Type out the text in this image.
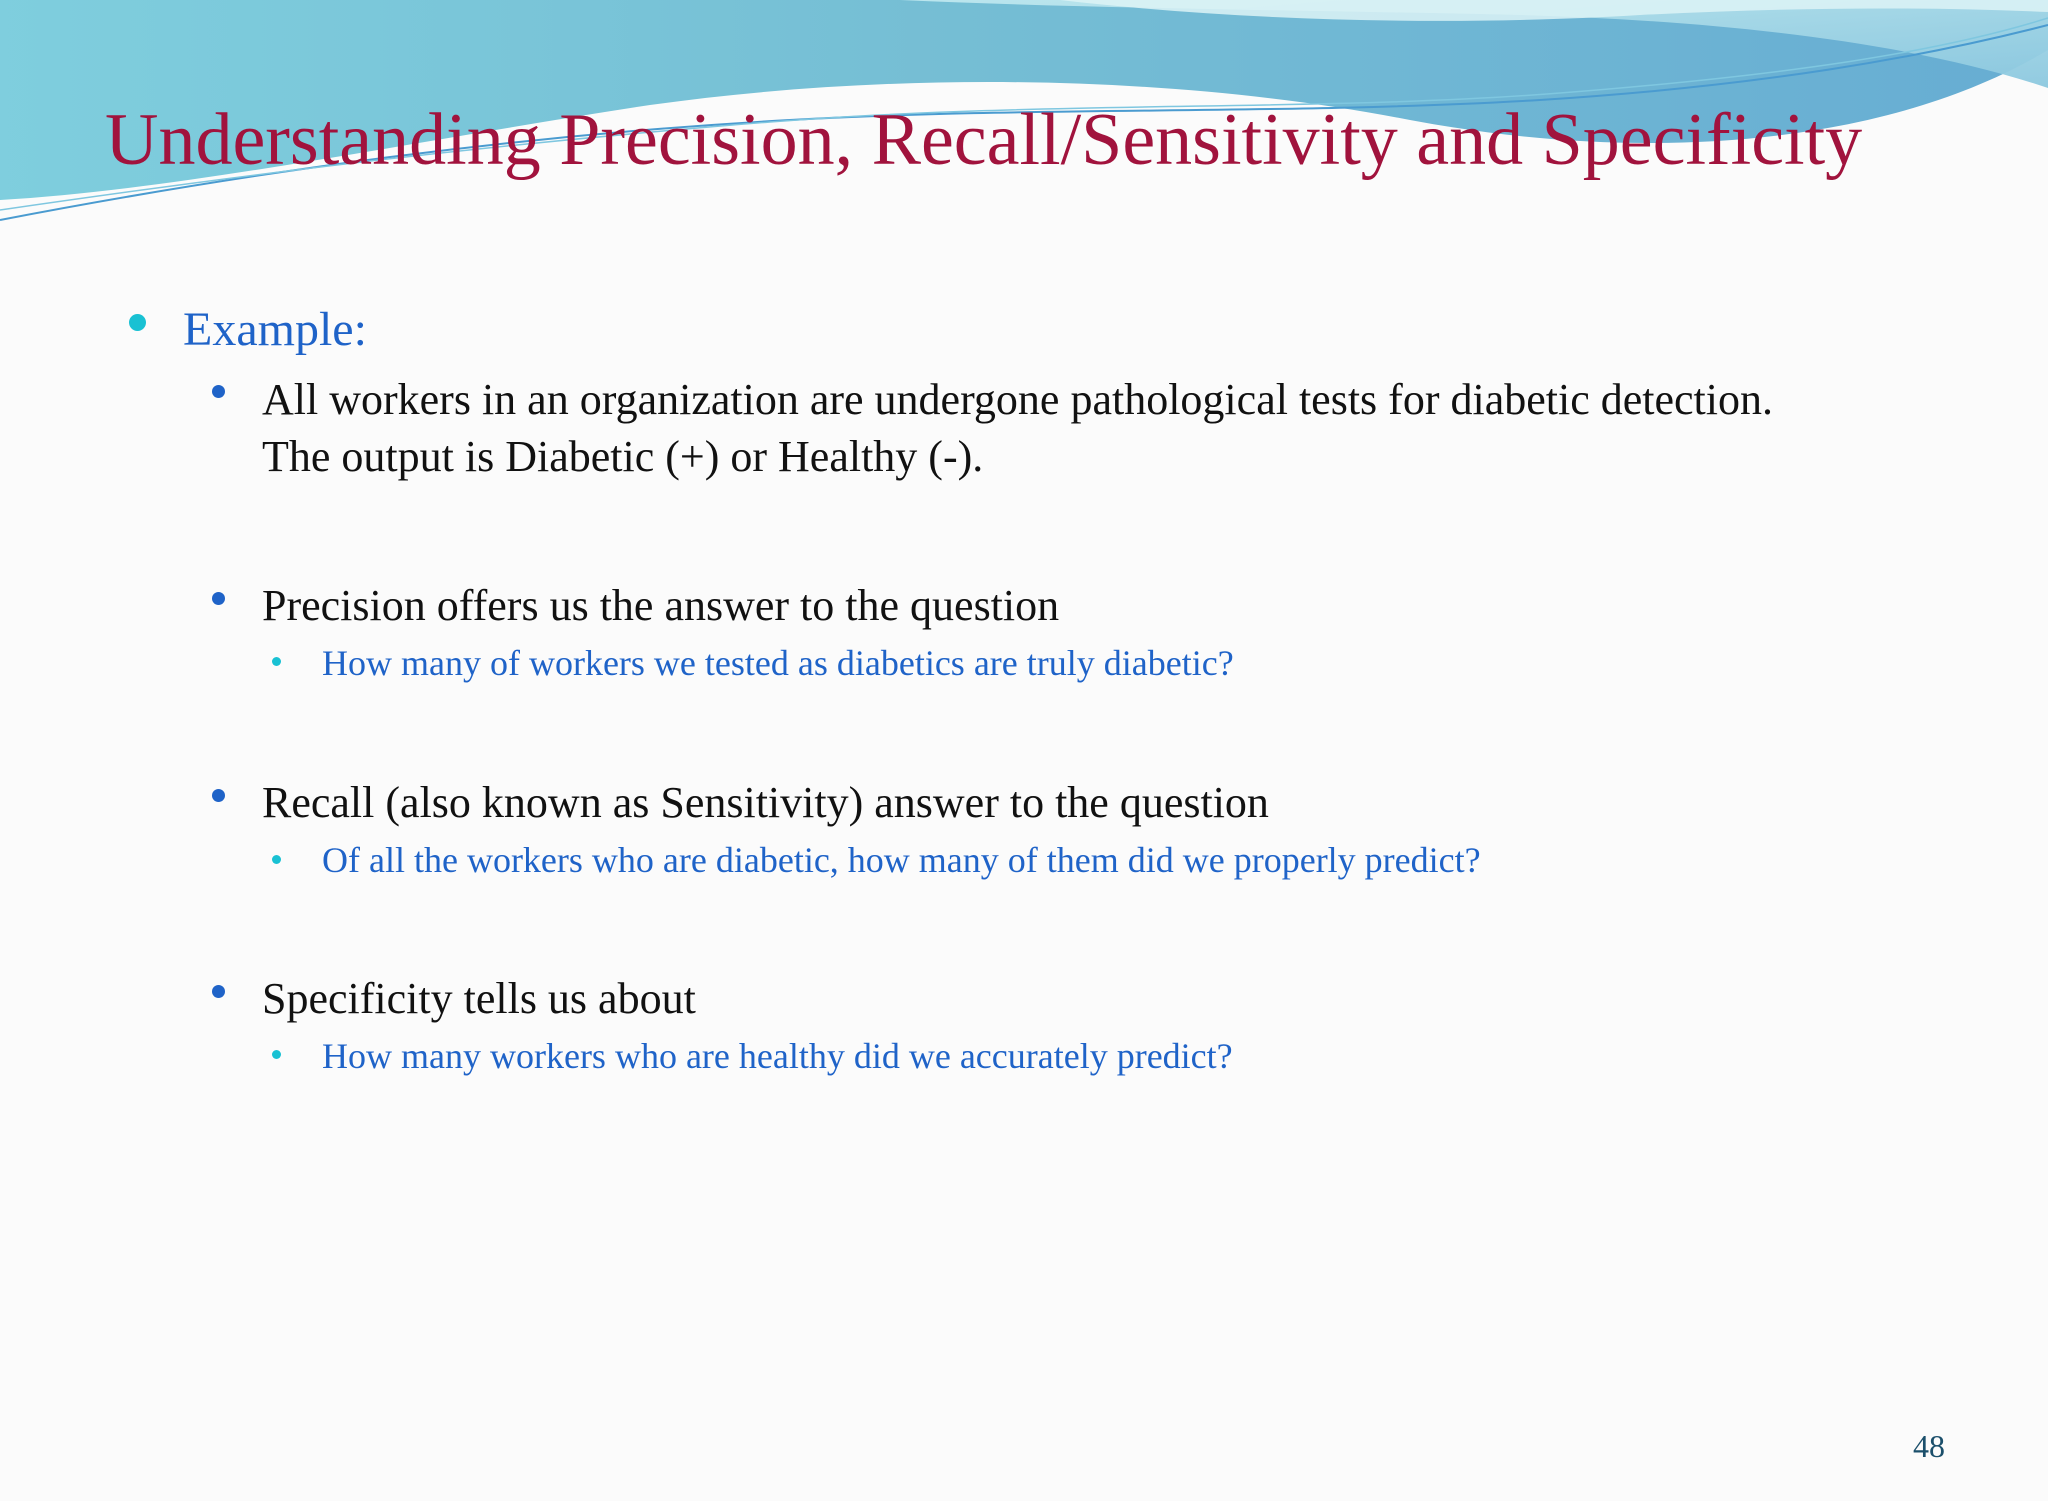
Understanding Precision, Recall/Sensitivity and Specificity
Example:
All workers in an organization are undergone pathological tests for diabetic detection.
The output is Diabetic (+) or Healthy (-).
Precision offers us the answer to the question
How many of workers we tested as diabetics are truly diabetic?
Recall (also known as Sensitivity) answer to the question
Of all the workers who are diabetic, how many of them did we properly predict?
Specificity tells us about
How many workers who are healthy did we accurately predict?
48
